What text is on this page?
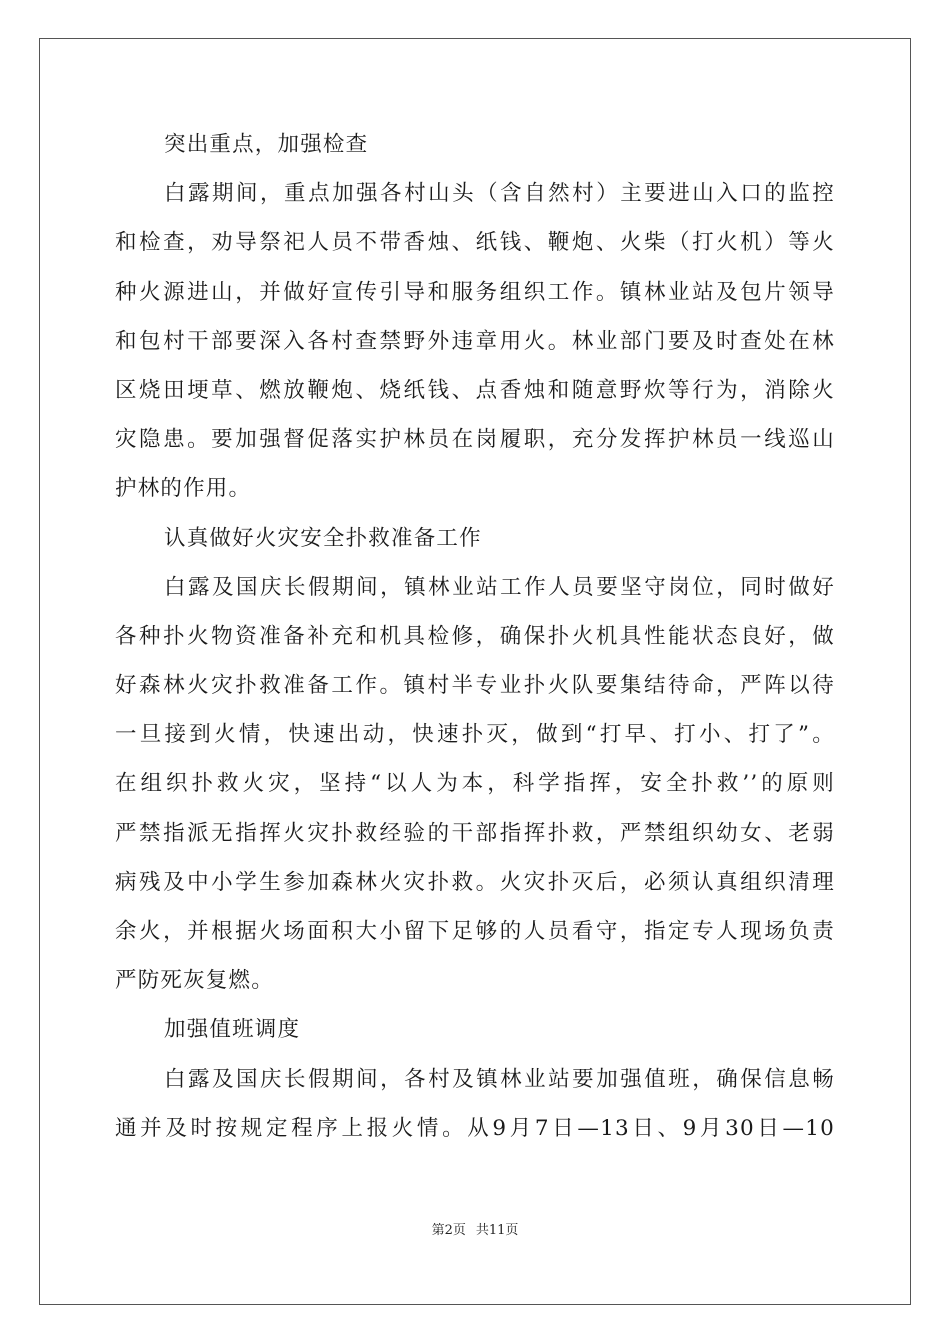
突出重点，加强检查
白露期间，重点加强各村山头（含自然村）主要进山入口的监控
和检查，劝导祭祀人员不带香烛、纸钱、鞭炮、火柴（打火机）等火
种火源进山，并做好宣传引导和服务组织工作。镇林业站及包片领导
和包村干部要深入各村查禁野外违章用火。林业部门要及时查处在林
区烧田埂草、燃放鞭炮、烧纸钱、点香烛和随意野炊等行为，消除火
灾隐患。要加强督促落实护林员在岗履职，充分发挥护林员一线巡山
护林的作用。
认真做好火灾安全扑救准备工作
白露及国庆长假期间，镇林业站工作人员要坚守岗位，同时做好
各种扑火物资准备补充和机具检修，确保扑火机具性能状态良好，做
好森林火灾扑救准备工作。镇村半专业扑火队要集结待命，严阵以待
一旦接到火情，快速出动，快速扑灭，做到“打早、打小、打了”。
在组织扑救火灾，坚持“以人为本，科学指挥，安全扑救’’的原则
严禁指派无指挥火灾扑救经验的干部指挥扑救，严禁组织幼女、老弱
病残及中小学生参加森林火灾扑救。火灾扑灭后，必须认真组织清理
余火，并根据火场面积大小留下足够的人员看守，指定专人现场负责
严防死灰复燃。
加强值班调度
白露及国庆长假期间，各村及镇林业站要加强值班，确保信息畅
通并及时按规定程序上报火情。从9月7日—13日、9月30日—10
第2页 共11页
